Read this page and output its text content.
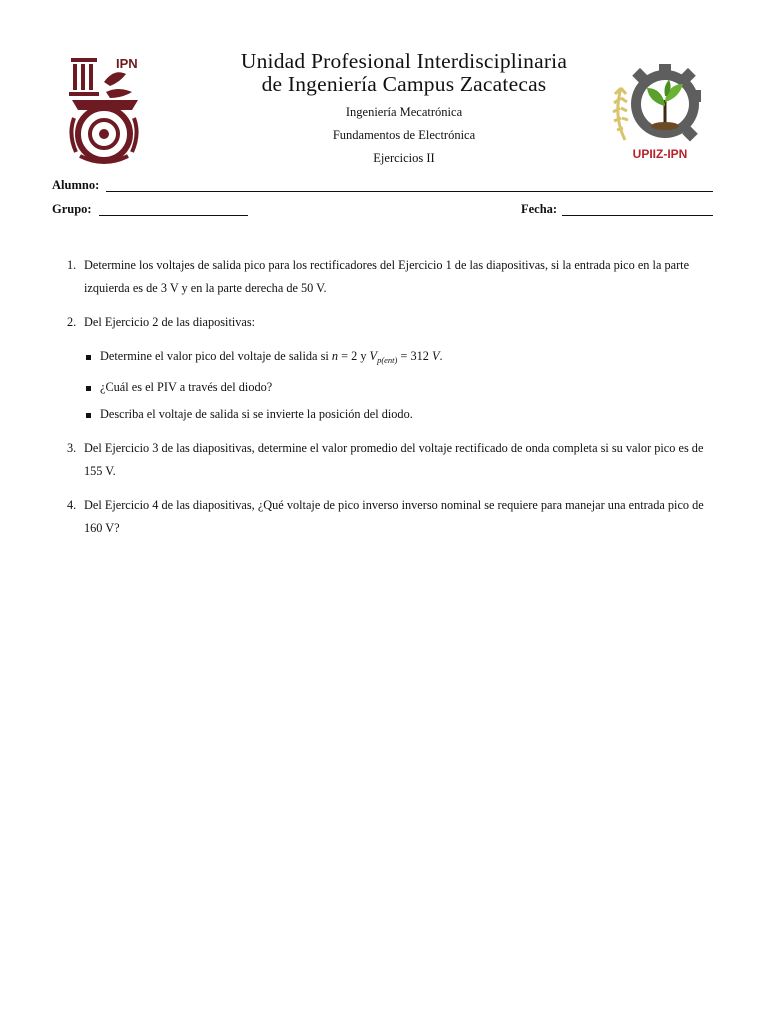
IPN	Unidad Profesional Interdisciplinaria
de Ingeniería Campus Zacatecas
Ingeniería Mecatrónica
Fundamentos de Electrónica
Ejercicios II	UPIIZ-IPN
Alumno:
Grupo:	Fecha:
1. Determine los voltajes de salida pico para los rectificadores del Ejercicio 1 de las diapositivas, si la entrada pico en la parte izquierda es de 3 V y en la parte derecha de 50 V.
2. Del Ejercicio 2 de las diapositivas:
Determine el valor pico del voltaje de salida si n = 2 y $V_{p(ent)} = 312$ V.
¿Cuál es el PIV a través del diodo?
Describa el voltaje de salida si se invierte la posición del diodo.
3. Del Ejercicio 3 de las diapositivas, determine el valor promedio del voltaje rectificado de onda completa si su valor pico es de 155 V.
4. Del Ejercicio 4 de las diapositivas, ¿Qué voltaje de pico inverso inverso nominal se requiere para manejar una entrada pico de 160 V?
